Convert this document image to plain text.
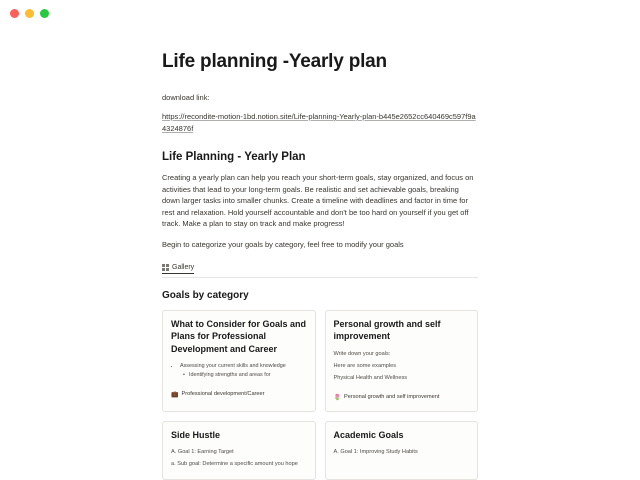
Life planning -Yearly plan

download link:

https://recondite-motion-1bd.notion.site/Life-planning-Yearly-plan-b445e2652cc640469c597f9a4324876f
Life Planning - Yearly Plan

Creating a yearly plan can help you reach your short-term goals, stay organized, and focus on activities that lead to your long-term goals. Be realistic and set achievable goals, breaking down larger tasks into smaller chunks. Create a timeline with deadlines and factor in time for rest and relaxation. Hold yourself accountable and don't be too hard on yourself if you get off track. Make a plan to stay on track and make progress!

Begin to categorize your goals by category, feel free to modify your goals

Gallery
Goals by category
What to Consider for Goals and Plans for Professional Development and Career
• Assessing your current skills and knowledge
• Identifying strengths and areas for
💼 Professional development/Career
Personal growth and self improvement

Write down your goals:

Here are some examples

Physical Health and Wellness

🌷 Personal growth and self improvement
Side Hustle

A. Goal 1: Earning Target

a. Sub goal: Determine a specific amount you hope

Academic Goals

A. Goal 1: Improving Study Habits
